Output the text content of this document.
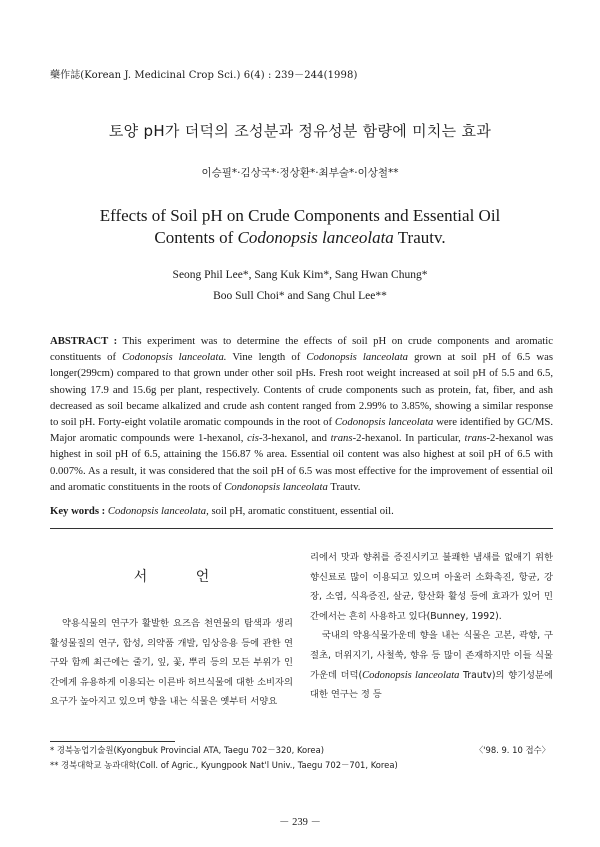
藥作誌(Korean J. Medicinal Crop Sci.) 6(4) : 239－244(1998)
토양 pH가 더덕의 조성분과 정유성분 함량에 미치는 효과
이승필*·김상국*·정상환*·최부술*·이상철**
Effects of Soil pH on Crude Components and Essential Oil
Contents of Codonopsis lanceolata Trautv.
Seong Phil Lee*, Sang Kuk Kim*, Sang Hwan Chung*
Boo Sull Choi* and Sang Chul Lee**
ABSTRACT : This experiment was to determine the effects of soil pH on crude components and aromatic constituents of Codonopsis lanceolata. Vine length of Codonopsis lanceolata grown at soil pH of 6.5 was longer(299cm) compared to that grown under other soil pHs. Fresh root weight increased at soil pH of 5.5 and 6.5, showing 17.9 and 15.6g per plant, respectively. Contents of crude components such as protein, fat, fiber, and ash decreased as soil became alkalized and crude ash content ranged from 2.99% to 3.85%, showing a similar response to soil pH. Forty-eight volatile aromatic compounds in the root of Codonopsis lanceolata were identified by GC/MS. Major aromatic compounds were 1-hexanol, cis-3-hexanol, and trans-2-hexanol. In particular, trans-2-hexanol was highest in soil pH of 6.5, attaining the 156.87 % area. Essential oil content was also highest at soil pH of 6.5 with 0.007%. As a result, it was considered that the soil pH of 6.5 was most effective for the improvement of essential oil and aromatic constituents in the roots of Condonopsis lanceolata Trautv.
Key words : Codonopsis lanceolata, soil pH, aromatic constituent, essential oil.
서 언

약용식물의 연구가 활발한 요즈음 천연물의 탐색과 생리활성물질의 연구, 합성, 의약품 개발, 임상응용 등에 관한 연구와 함께 최근에는 줄기, 잎, 꽃, 뿌리 등의 모든 부위가 인간에게 유용하게 이용되는 이른바 허브식물에 대한 소비자의 요구가 높아지고 있으며 향을 내는 식물은 옛부터 서양요

리에서 맛과 향취를 증진시키고 불쾌한 냄새를 없애기 위한 향신료로 많이 이용되고 있으며 아울러 소화촉진, 항균, 강장, 소염, 식욕증진, 살균, 항산화 활성 등에 효과가 있어 민간에서는 흔히 사용하고 있다(Bunney, 1992).

국내의 약용식물가운데 향을 내는 식물은 고본, 곽향, 구절초, 더위지기, 사철쑥, 향유 등 많이 존재하지만 이들 식물가운데 더덕(Codonopsis lanceolata Trautv)의 향기성분에 대한 연구는 정 등

* 경북농업기술원(Kyongbuk Provincial ATA, Taegu 702－320, Korea)
** 경북대학교 농과대학(Coll. of Agric., Kyungpook Nat'l Univ., Taegu 702－701, Korea)
〈'98. 9. 10 접수〉
－ 239 －
